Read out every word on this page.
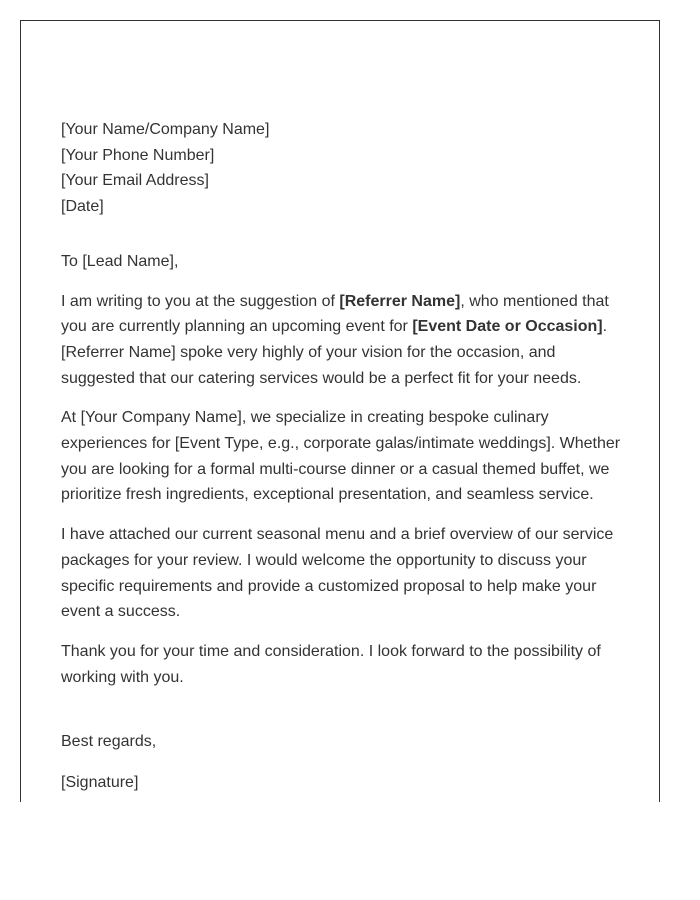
[Your Name/Company Name]
[Your Phone Number]
[Your Email Address]
[Date]
To [Lead Name],
I am writing to you at the suggestion of [Referrer Name], who mentioned that you are currently planning an upcoming event for [Event Date or Occasion]. [Referrer Name] spoke very highly of your vision for the occasion, and suggested that our catering services would be a perfect fit for your needs.
At [Your Company Name], we specialize in creating bespoke culinary experiences for [Event Type, e.g., corporate galas/intimate weddings]. Whether you are looking for a formal multi-course dinner or a casual themed buffet, we prioritize fresh ingredients, exceptional presentation, and seamless service.
I have attached our current seasonal menu and a brief overview of our service packages for your review. I would welcome the opportunity to discuss your specific requirements and provide a customized proposal to help make your event a success.
Thank you for your time and consideration. I look forward to the possibility of working with you.
Best regards,
[Signature]
